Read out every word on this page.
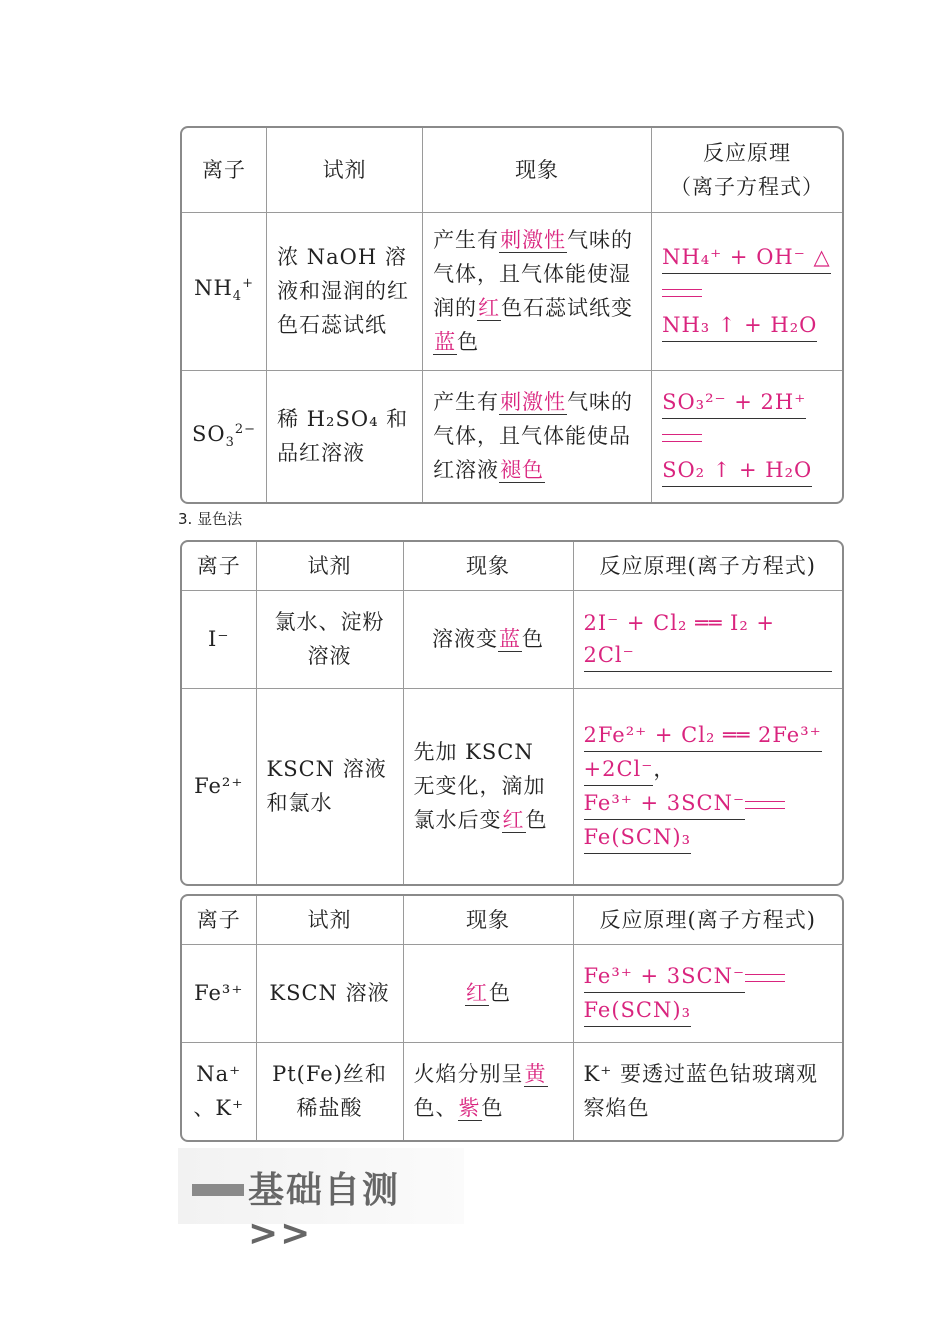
离子	试剂	现象	反应原理
（离子方程式）

$NH_4^+$	浓 NaOH 溶液和湿润的红色石蕊试纸	产生有刺激性气味的气体，且气体能使湿润的红色石蕊试纸变蓝色	NH₄⁺ + OH⁻ △
NH₃ ↑ + H₂O
$SO_3^{2-}$	稀 H₂SO₄ 和品红溶液	产生有刺激性气味的气体，且气体能使品红溶液褪色	SO₃²⁻ + 2H⁺
SO₂ ↑ + H₂O
3. 显色法
离子	试剂	现象	反应原理(离子方程式)
I⁻	氯水、淀粉溶液	溶液变蓝色	2I⁻ + Cl₂ ══ I₂ + 2Cl⁻
Fe²⁺	KSCN 溶液和氯水	先加 KSCN 无变化，滴加氯水后变红色	2Fe²⁺ + Cl₂ ══ 2Fe³⁺
+2Cl⁻，
Fe³⁺ + 3SCN⁻
Fe(SCN)₃
离子	试剂	现象	反应原理(离子方程式)
Fe³⁺	KSCN 溶液	红色	Fe³⁺ + 3SCN⁻
Fe(SCN)₃
Na⁺ 、K⁺	Pt(Fe)丝和稀盐酸	火焰分别呈黄色、紫色	K⁺ 要透过蓝色钴玻璃观察焰色
基础自测>>
